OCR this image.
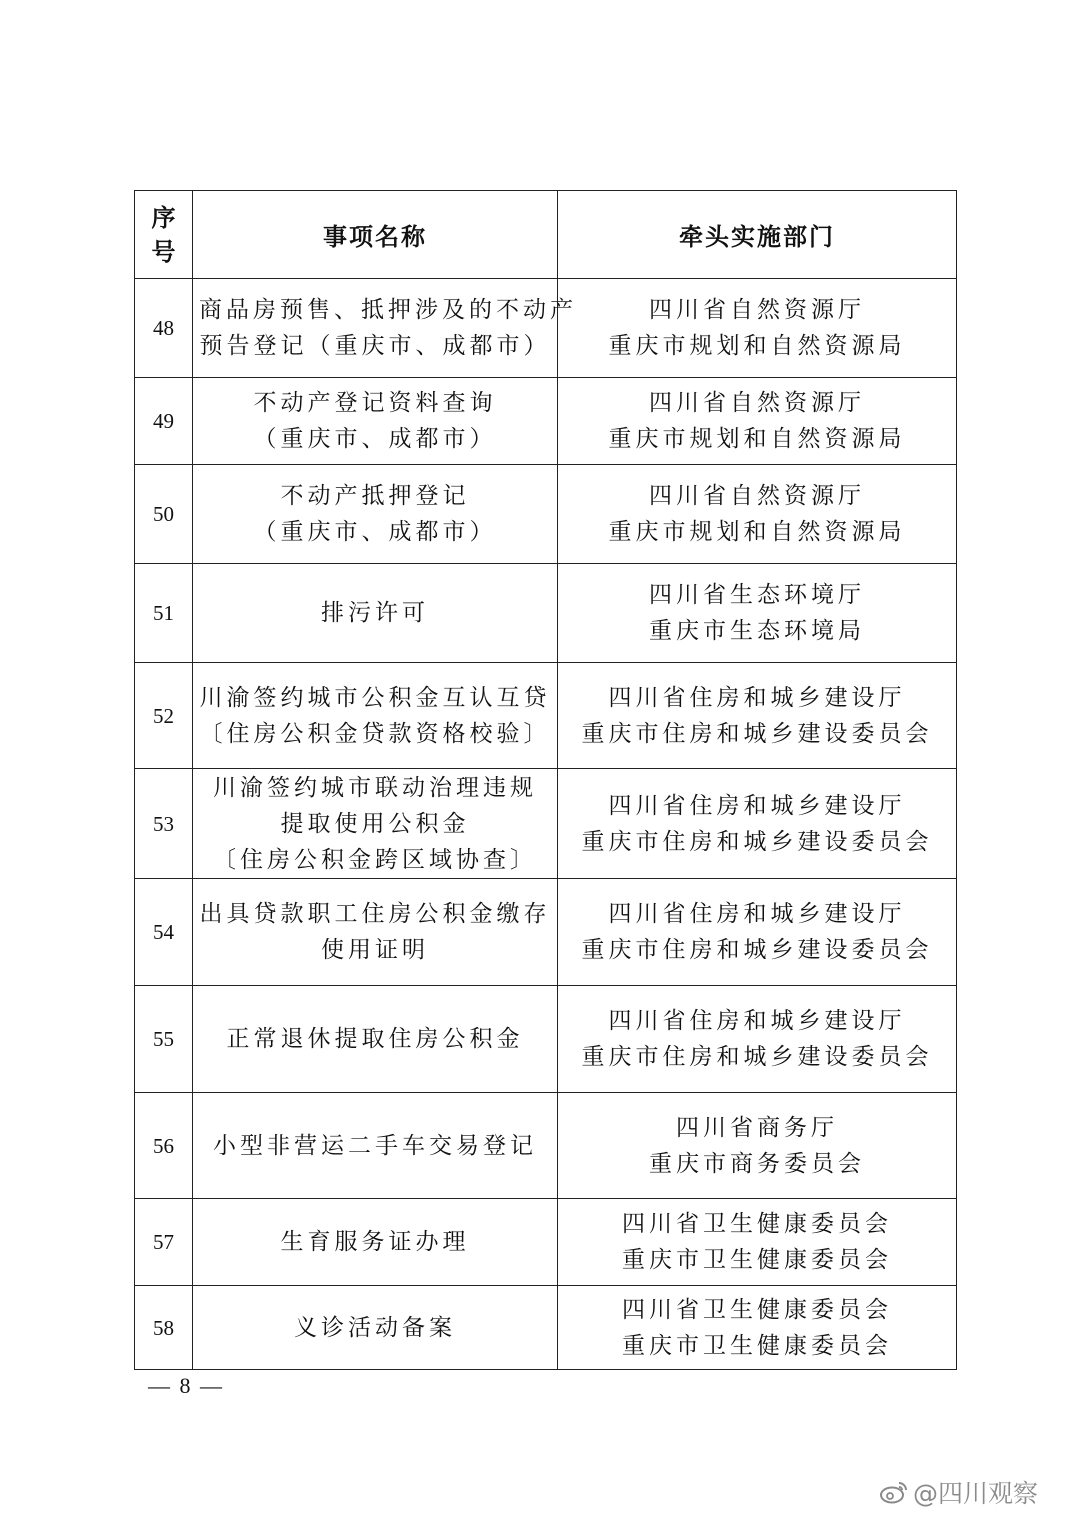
序
号	事项名称	牵头实施部门
48	商品房预售、抵押涉及的不动产
预告登记（重庆市、成都市）	四川省自然资源厅
重庆市规划和自然资源局

49	不动产登记资料查询
（重庆市、成都市）	四川省自然资源厅
重庆市规划和自然资源局

50	不动产抵押登记
（重庆市、成都市）	四川省自然资源厅
重庆市规划和自然资源局

51	排污许可	四川省生态环境厅
重庆市生态环境局

52	川渝签约城市公积金互认互贷
〔住房公积金贷款资格校验〕	四川省住房和城乡建设厅
重庆市住房和城乡建设委员会

53	川渝签约城市联动治理违规
提取使用公积金
〔住房公积金跨区域协查〕	四川省住房和城乡建设厅
重庆市住房和城乡建设委员会

54	出具贷款职工住房公积金缴存
使用证明	四川省住房和城乡建设厅
重庆市住房和城乡建设委员会

55	正常退休提取住房公积金	四川省住房和城乡建设厅
重庆市住房和城乡建设委员会

56	小型非营运二手车交易登记	四川省商务厅
重庆市商务委员会

57	生育服务证办理	四川省卫生健康委员会
重庆市卫生健康委员会

58	义诊活动备案	四川省卫生健康委员会
重庆市卫生健康委员会
— 8 —
@四川观察
